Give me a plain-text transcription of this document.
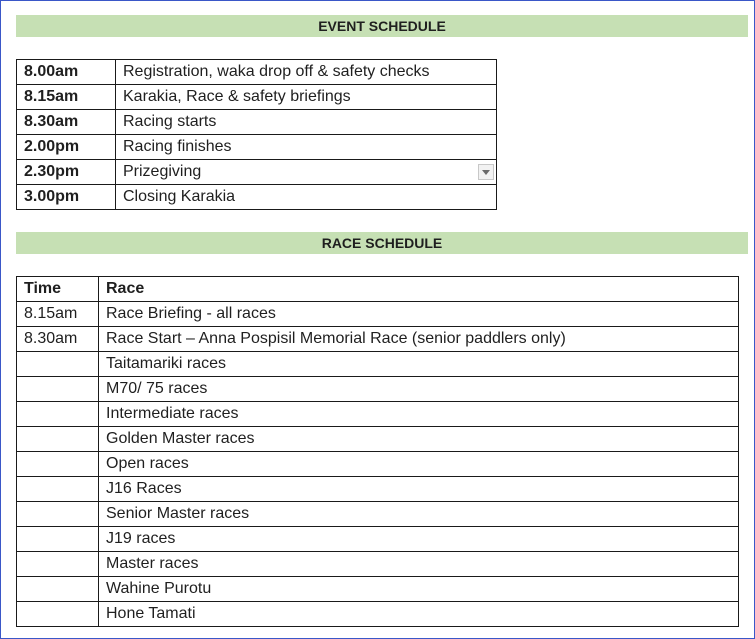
EVENT SCHEDULE
8.00am	Registration, waka drop off & safety checks
8.15am	Karakia, Race & safety briefings
8.30am	Racing starts
2.00pm	Racing finishes
2.30pm	Prizegiving

3.00pm	Closing Karakia
RACE SCHEDULE
Time	Race
8.15am	Race Briefing - all races
8.30am	Race Start – Anna Pospisil Memorial Race (senior paddlers only)
	Taitamariki races
	M70/ 75 races
	Intermediate races
	Golden Master races
	Open races
	J16 Races
	Senior Master races
	J19 races
	Master races
	Wahine Purotu
	Hone Tamati
